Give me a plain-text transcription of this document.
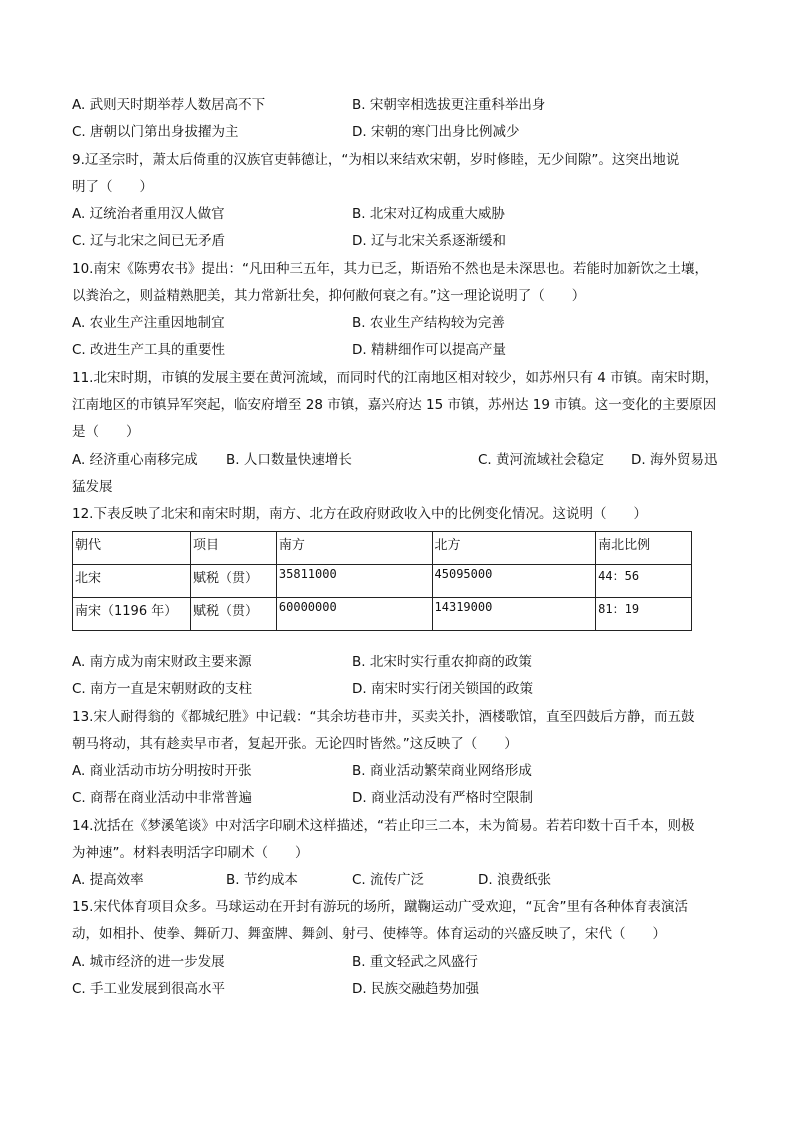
A. 武则天时期举荐人数居高不下	B. 宋朝宰相选拔更注重科举出身
C. 唐朝以门第出身拔擢为主	D. 宋朝的寒门出身比例减少
9.辽圣宗时，萧太后倚重的汉族官吏韩德让，“为相以来结欢宋朝，岁时修睦，无少间隙”。这突出地说
明了（　　）
A. 辽统治者重用汉人做官	B. 北宋对辽构成重大威胁
C. 辽与北宋之间已无矛盾	D. 辽与北宋关系逐渐缓和
10.南宋《陈旉农书》提出：“凡田种三五年，其力已乏，斯语殆不然也是未深思也。若能时加新饮之土壤，
以粪治之，则益精熟肥美，其力常新壮矣，抑何敝何衰之有。”这一理论说明了（　　）
A. 农业生产注重因地制宜	B. 农业生产结构较为完善
C. 改进生产工具的重要性	D. 精耕细作可以提高产量
11.北宋时期，市镇的发展主要在黄河流域，而同时代的江南地区相对较少，如苏州只有 4 市镇。南宋时期，
江南地区的市镇异军突起，临安府增至 28 市镇，嘉兴府达 15 市镇，苏州达 19 市镇。这一变化的主要原因
是（　　）
A. 经济重心南移完成 B. 人口数量快速增长	C. 黄河流域社会稳定 D. 海外贸易迅
猛发展
12.下表反映了北宋和南宋时期，南方、北方在政府财政收入中的比例变化情况。这说明（　　）
朝代	项目	南方	北方	南北比例
北宋	赋税（贯）	35811000	45095000	44：56
南宋（1196 年）	赋税（贯）	60000000	14319000	81：19
A. 南方成为南宋财政主要来源	B. 北宋时实行重农抑商的政策
C. 南方一直是宋朝财政的支柱	D. 南宋时实行闭关锁国的政策
13.宋人耐得翁的《都城纪胜》中记载：“其余坊巷市井，买卖关扑，酒楼歌馆，直至四鼓后方静，而五鼓
朝马将动，其有趁卖早市者，复起开张。无论四时皆然。”这反映了（　　）
A. 商业活动市坊分明按时开张	B. 商业活动繁荣商业网络形成
C. 商帮在商业活动中非常普遍	D. 商业活动没有严格时空限制
14.沈括在《梦溪笔谈》中对活字印刷术这样描述，“若止印三二本，未为简易。若若印数十百千本，则极
为神速”。材料表明活字印刷术（　　）
A. 提高效率	B. 节约成本	C. 流传广泛	D. 浪费纸张
15.宋代体育项目众多。马球运动在开封有游玩的场所，蹴鞠运动广受欢迎，“瓦舍”里有各种体育表演活
动，如相扑、使拳、舞斫刀、舞蛮牌、舞剑、射弓、使棒等。体育运动的兴盛反映了，宋代（　　）
A. 城市经济的进一步发展	B. 重文轻武之风盛行
C. 手工业发展到很高水平	D. 民族交融趋势加强
